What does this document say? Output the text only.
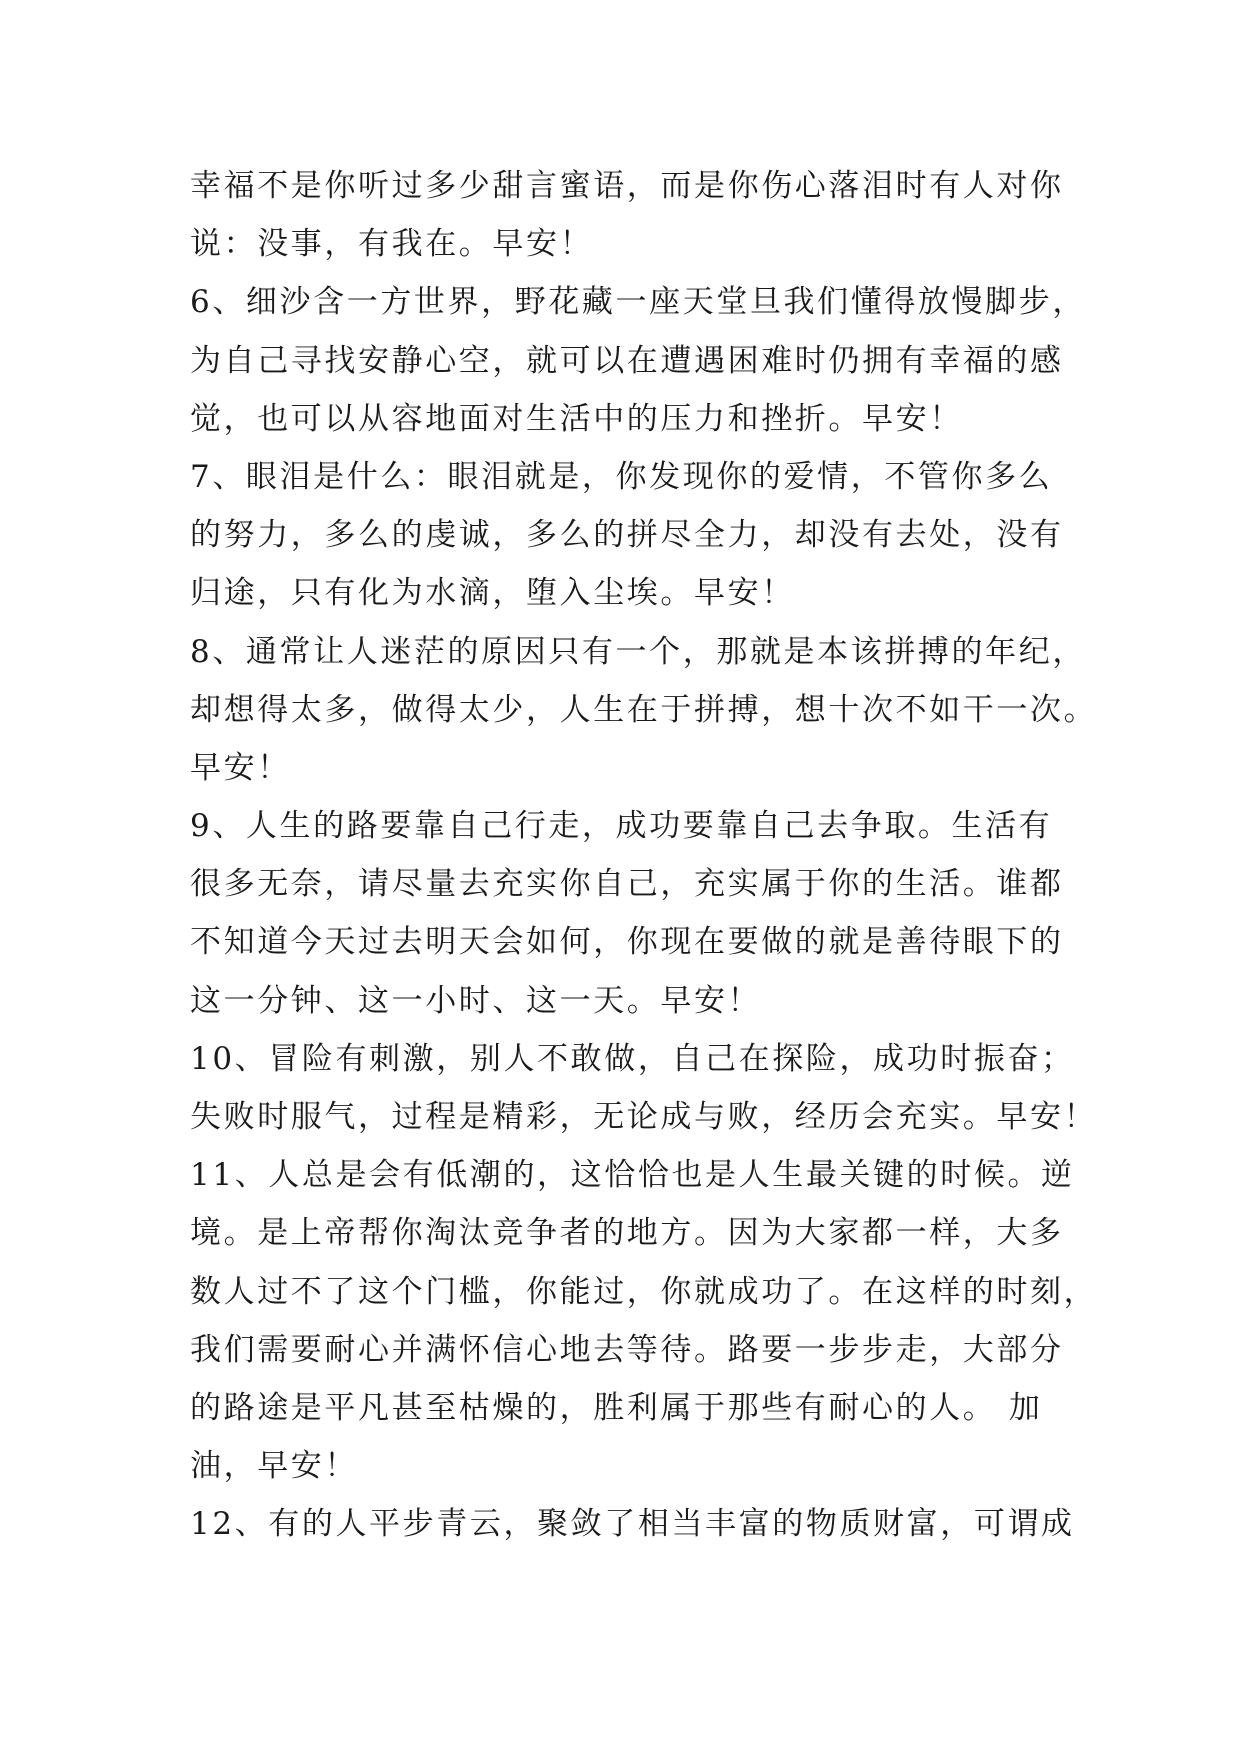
幸福不是你听过多少甜言蜜语，而是你伤心落泪时有人对你
说：没事，有我在。早安！
6、细沙含一方世界，野花藏一座天堂旦我们懂得放慢脚步，
为自己寻找安静心空，就可以在遭遇困难时仍拥有幸福的感
觉，也可以从容地面对生活中的压力和挫折。早安！
7、眼泪是什么：眼泪就是，你发现你的爱情，不管你多么
的努力，多么的虔诚，多么的拼尽全力，却没有去处，没有
归途，只有化为水滴，堕入尘埃。早安！
8、通常让人迷茫的原因只有一个，那就是本该拼搏的年纪，
却想得太多，做得太少，人生在于拼搏，想十次不如干一次。
早安！
9、人生的路要靠自己行走，成功要靠自己去争取。生活有
很多无奈，请尽量去充实你自己，充实属于你的生活。谁都
不知道今天过去明天会如何，你现在要做的就是善待眼下的
这一分钟、这一小时、这一天。早安！
10、冒险有刺激，别人不敢做，自己在探险，成功时振奋；
失败时服气，过程是精彩，无论成与败，经历会充实。早安！
11、人总是会有低潮的，这恰恰也是人生最关键的时候。逆
境。是上帝帮你淘汰竞争者的地方。因为大家都一样，大多
数人过不了这个门槛，你能过，你就成功了。在这样的时刻，
我们需要耐心并满怀信心地去等待。路要一步步走，大部分
的路途是平凡甚至枯燥的，胜利属于那些有耐心的人。 加
油，早安！
12、有的人平步青云，聚敛了相当丰富的物质财富，可谓成
